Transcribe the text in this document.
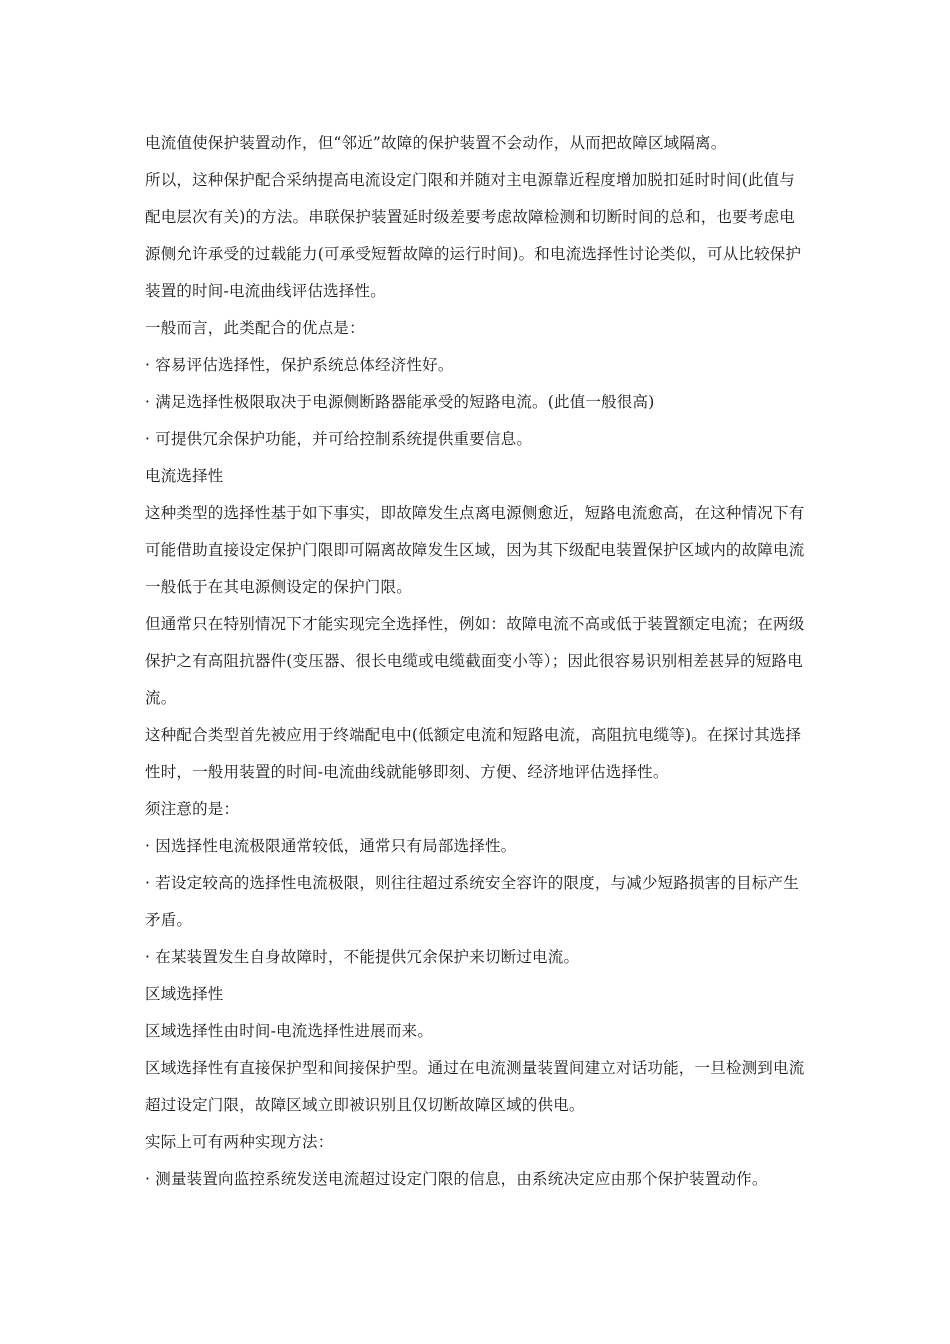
电流值使保护装置动作，但“邻近”故障的保护装置不会动作，从而把故障区域隔离。

所以，这种保护配合采纳提高电流设定门限和并随对主电源靠近程度增加脱扣延时时间(此值与配电层次有关)的方法。串联保护装置延时级差要考虑故障检测和切断时间的总和，也要考虑电源侧允许承受的过载能力(可承受短暂故障的运行时间)。和电流选择性讨论类似，可从比较保护装置的时间-电流曲线评估选择性。

一般而言，此类配合的优点是：

· 容易评估选择性，保护系统总体经济性好。

· 满足选择性极限取决于电源侧断路器能承受的短路电流。(此值一般很高)

· 可提供冗余保护功能，并可给控制系统提供重要信息。

电流选择性

这种类型的选择性基于如下事实，即故障发生点离电源侧愈近，短路电流愈高，在这种情况下有可能借助直接设定保护门限即可隔离故障发生区域，因为其下级配电装置保护区域内的故障电流一般低于在其电源侧设定的保护门限。

但通常只在特别情况下才能实现完全选择性，例如：故障电流不高或低于装置额定电流；在两级保护之有高阻抗器件(变压器、很长电缆或电缆截面变小等）；因此很容易识别相差甚异的短路电流。

这种配合类型首先被应用于终端配电中(低额定电流和短路电流，高阻抗电缆等)。在探讨其选择性时，一般用装置的时间-电流曲线就能够即刻、方便、经济地评估选择性。

须注意的是：

· 因选择性电流极限通常较低，通常只有局部选择性。

· 若设定较高的选择性电流极限，则往往超过系统安全容许的限度，与减少短路损害的目标产生矛盾。

· 在某装置发生自身故障时，不能提供冗余保护来切断过电流。

区域选择性

区域选择性由时间-电流选择性进展而来。

区域选择性有直接保护型和间接保护型。通过在电流测量装置间建立对话功能，一旦检测到电流超过设定门限，故障区域立即被识别且仅切断故障区域的供电。

实际上可有两种实现方法：

· 测量装置向监控系统发送电流超过设定门限的信息，由系统决定应由那个保护装置动作。
